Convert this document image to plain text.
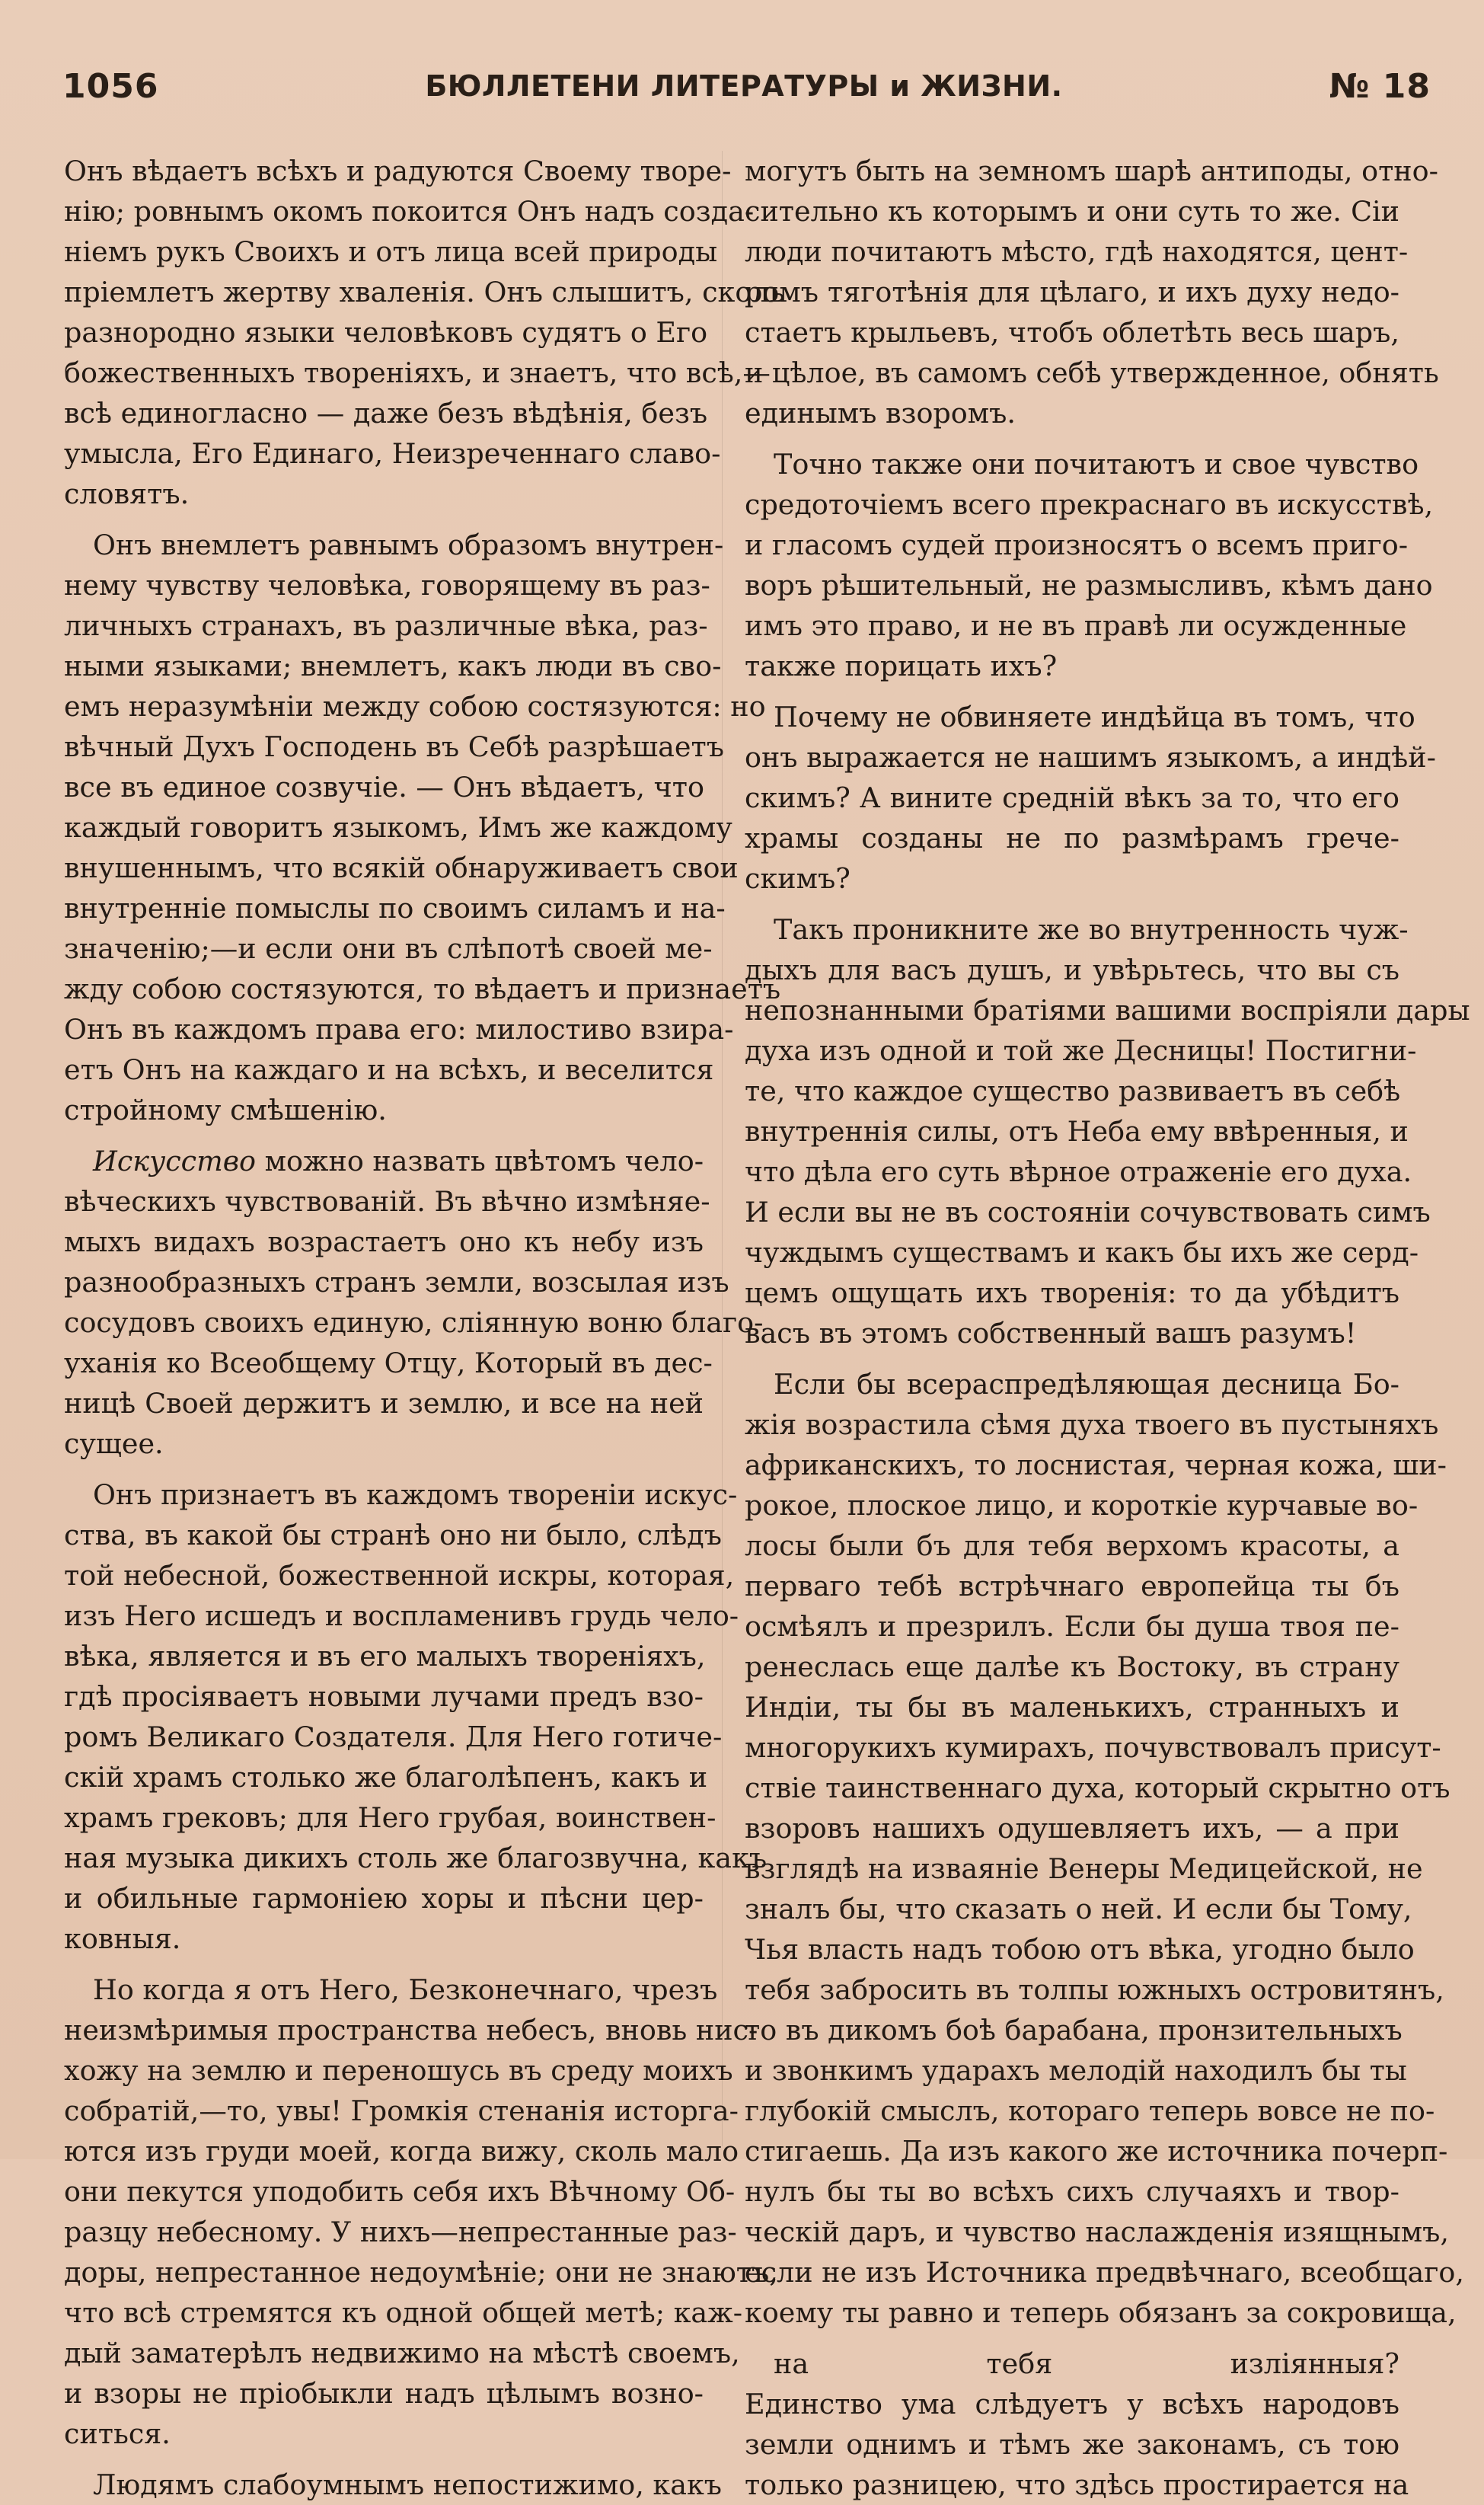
1056	БЮЛЛЕТЕНИ ЛИТЕРАТУРЫ и ЖИЗНИ.	№ 18
Онъ вѣдаетъ всѣхъ и радуются Своему творе-
нію; ровнымъ окомъ покоится Онъ надъ созда-
ніемъ рукъ Своихъ и отъ лица всей природы
пріемлетъ жертву хваленія. Онъ слышитъ, сколь
разнородно языки человѣковъ судятъ о Его
божественныхъ твореніяхъ, и знаетъ, что всѣ,—
всѣ единогласно — даже безъ вѣдѣнія, безъ
умысла, Его Единаго, Неизреченнаго славо-
словятъ.
Онъ внемлетъ равнымъ образомъ внутрен-
нему чувству человѣка, говорящему въ раз-
личныхъ странахъ, въ различные вѣка, раз-
ными языками; внемлетъ, какъ люди въ сво-
емъ неразумѣніи между собою состязуются: но
вѣчный Духъ Господень въ Себѣ разрѣшаетъ
все въ единое созвучіе. — Онъ вѣдаетъ, что
каждый говоритъ языкомъ, Имъ же каждому
внушеннымъ, что всякій обнаруживаетъ свои
внутренніе помыслы по своимъ силамъ и на-
значенію;—и если они въ слѣпотѣ своей ме-
жду собою состязуются, то вѣдаетъ и признаетъ
Онъ въ каждомъ права его: милостиво взира-
етъ Онъ на каждаго и на всѣхъ, и веселится
стройному смѣшенію.
Искусство можно назвать цвѣтомъ чело-
вѣческихъ чувствованій. Въ вѣчно измѣняе-
мыхъ видахъ возрастаетъ оно къ небу изъ
разнообразныхъ странъ земли, возсылая изъ
сосудовъ своихъ единую, сліянную воню благо-
уханія ко Всеобщему Отцу, Который въ дес-
ницѣ Своей держитъ и землю, и все на ней
сущее.
Онъ признаетъ въ каждомъ твореніи искус-
ства, въ какой бы странѣ оно ни было, слѣдъ
той небесной, божественной искры, которая,
изъ Него исшедъ и воспламенивъ грудь чело-
вѣка, является и въ его малыхъ твореніяхъ,
гдѣ просіяваетъ новыми лучами предъ взо-
ромъ Великаго Создателя. Для Него готиче-
скій храмъ столько же благолѣпенъ, какъ и
храмъ грековъ; для Него грубая, воинствен-
ная музыка дикихъ столь же благозвучна, какъ
и обильные гармоніею хоры и пѣсни цер-
ковныя.
Но когда я отъ Него, Безконечнаго, чрезъ
неизмѣримыя пространства небесъ, вновь нис-
хожу на землю и переношусь въ среду моихъ
собратій,—то, увы! Громкія стенанія исторга-
ются изъ груди моей, когда вижу, сколь мало
они пекутся уподобить себя ихъ Вѣчному Об-
разцу небесному. У нихъ—непрестанные раз-
доры, непрестанное недоумѣніе; они не знаютъ,
что всѣ стремятся къ одной общей метѣ; каж-
дый заматерѣлъ недвижимо на мѣстѣ своемъ,
и взоры не пріобыкли надъ цѣлымъ возно-
ситься.
Людямъ слабоумнымъ непостижимо, какъ
могутъ быть на земномъ шарѣ антиподы, отно-
сительно къ которымъ и они суть то же. Сіи
люди почитаютъ мѣсто, гдѣ находятся, цент-
ромъ тяготѣнія для цѣлаго, и ихъ духу недо-
стаетъ крыльевъ, чтобъ облетѣть весь шаръ,
и цѣлое, въ самомъ себѣ утвержденное, обнять
единымъ взоромъ.
Точно также они почитаютъ и свое чувство
средоточіемъ всего прекраснаго въ искусствѣ,
и гласомъ судей произносятъ о всемъ приго-
воръ рѣшительный, не размысливъ, кѣмъ дано
имъ это право, и не въ правѣ ли осужденные
также порицать ихъ?
Почему не обвиняете индѣйца въ томъ, что
онъ выражается не нашимъ языкомъ, а индѣй-
скимъ? А вините средній вѣкъ за то, что его
храмы созданы не по размѣрамъ грече-
скимъ?
Такъ проникните же во внутренность чуж-
дыхъ для васъ душъ, и увѣрьтесь, что вы съ
непознанными братіями вашими воспріяли дары
духа изъ одной и той же Десницы! Постигни-
те, что каждое существо развиваетъ въ себѣ
внутреннія силы, отъ Неба ему ввѣренныя, и
что дѣла его суть вѣрное отраженіе его духа.
И если вы не въ состояніи сочувствовать симъ
чуждымъ существамъ и какъ бы ихъ же серд-
цемъ ощущать ихъ творенія: то да убѣдитъ
васъ въ этомъ собственный вашъ разумъ!
Если бы всераспредѣляющая десница Бо-
жія возрастила сѣмя духа твоего въ пустыняхъ
африканскихъ, то лоснистая, черная кожа, ши-
рокое, плоское лицо, и короткіе курчавые во-
лосы были бъ для тебя верхомъ красоты, а
перваго тебѣ встрѣчнаго европейца ты бъ
осмѣялъ и презрилъ. Если бы душа твоя пе-
ренеслась еще далѣе къ Востоку, въ страну
Индіи, ты бы въ маленькихъ, странныхъ и
многорукихъ кумирахъ, почувствовалъ присут-
ствіе таинственнаго духа, который скрытно отъ
взоровъ нашихъ одушевляетъ ихъ, — а при
взглядѣ на изваяніе Венеры Медицейской, не
зналъ бы, что сказать о ней. И если бы Тому,
Чья власть надъ тобою отъ вѣка, угодно было
тебя забросить въ толпы южныхъ островитянъ,
то въ дикомъ боѣ барабана, пронзительныхъ
и звонкимъ ударахъ мелодій находилъ бы ты
глубокій смыслъ, котораго теперь вовсе не по-
стигаешь. Да изъ какого же источника почерп-
нулъ бы ты во всѣхъ сихъ случаяхъ и твор-
ческій даръ, и чувство наслажденія изящнымъ,
если не изъ Источника предвѣчнаго, всеобщаго,
коему ты равно и теперь обязанъ за сокровища,
на тебя излiянныя?
Единство ума слѣдуетъ у всѣхъ народовъ
земли однимъ и тѣмъ же законамъ, съ тою
только разницею, что здѣсь простирается на
